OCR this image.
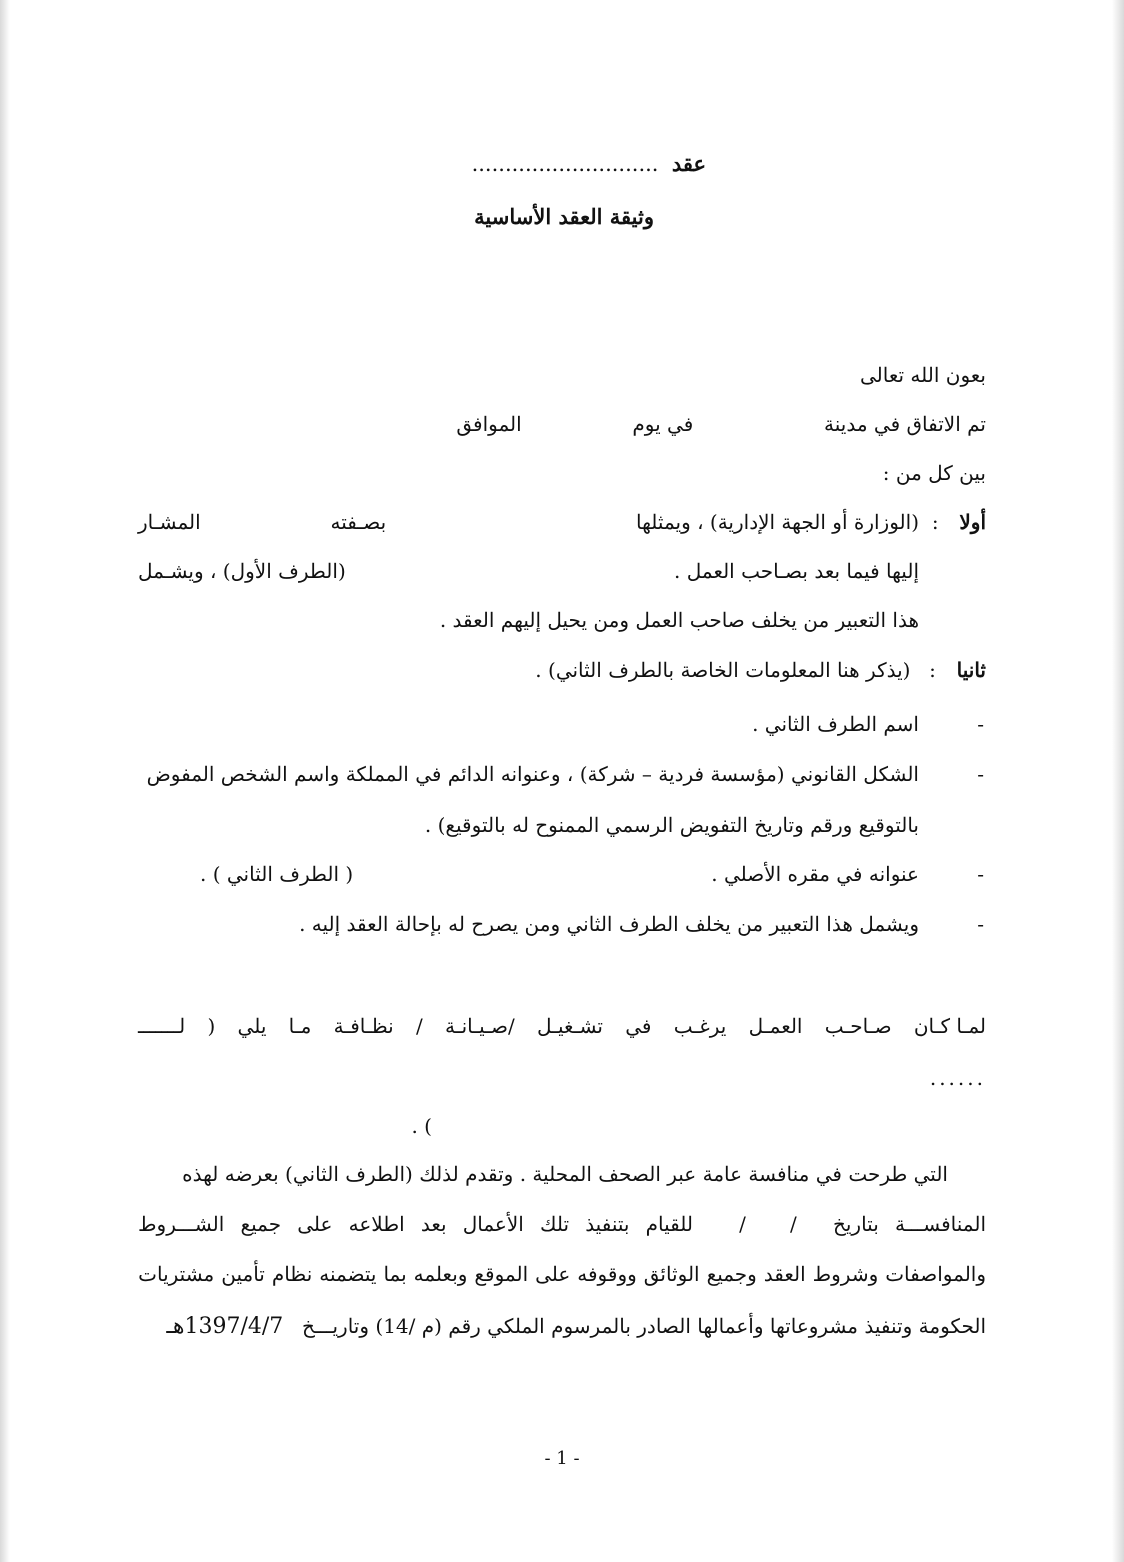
عقد ............................
وثيقة العقد الأساسية
بعون الله تعالى
تم الاتفاق في مدينة  في يوم  الموافق
بين كل من :
أولا  :
(الوزارة أو الجهة الإدارية) ، ويمثلها
بصـفته
المشـار
إليها فيما بعد بصـاحب العمل .
(الطرف الأول) ، ويشـمل
هذا التعبير من يخلف صاحب العمل ومن يحيل إليهم العقد .
ثانيا  :  (يذكر هنا المعلومات الخاصة بالطرف الثاني) .
-
اسم الطرف الثاني .
-
الشكل القانوني (مؤسسة فردية – شركة) ، وعنوانه الدائم في المملكة واسم الشخص المفوض
بالتوقيع ورقم وتاريخ التفويض الرسمي الممنوح له بالتوقيع) .
-
عنوانه في مقره الأصلي .
( الطرف الثاني ) .
-
ويشمل هذا التعبير من يخلف الطرف الثاني ومن يصرح له بإحالة العقد إليه .
لمـا كـان
صـاحـب
العمـل
يرغـب
في
تشـغيـل
/صـيـانـة
/
نظـافـة
مـا
يلي
(
لـــــــ
......
) .
التي طرحت في منافسة عامة عبر الصحف المحلية . وتقدم لذلك (الطرف الثاني) بعرضه لهذه
المنافســـة
بتاريخ
/
/
للقيام
بتنفيذ
تلك
الأعمال
بعد
اطلاعه
على
جميع
الشـــروط
والمواصفات
وشروط
العقد
وجميع
الوثائق
ووقوفه
على
الموقع
وبعلمه
بما
يتضمنه
نظام
تأمين
مشتريات
الحكومة وتنفيذ مشروعاتها وأعمالها الصادر بالمرسوم الملكي رقم (م /14) وتاريـــخ  1397/4/7هـ
- 1 -
